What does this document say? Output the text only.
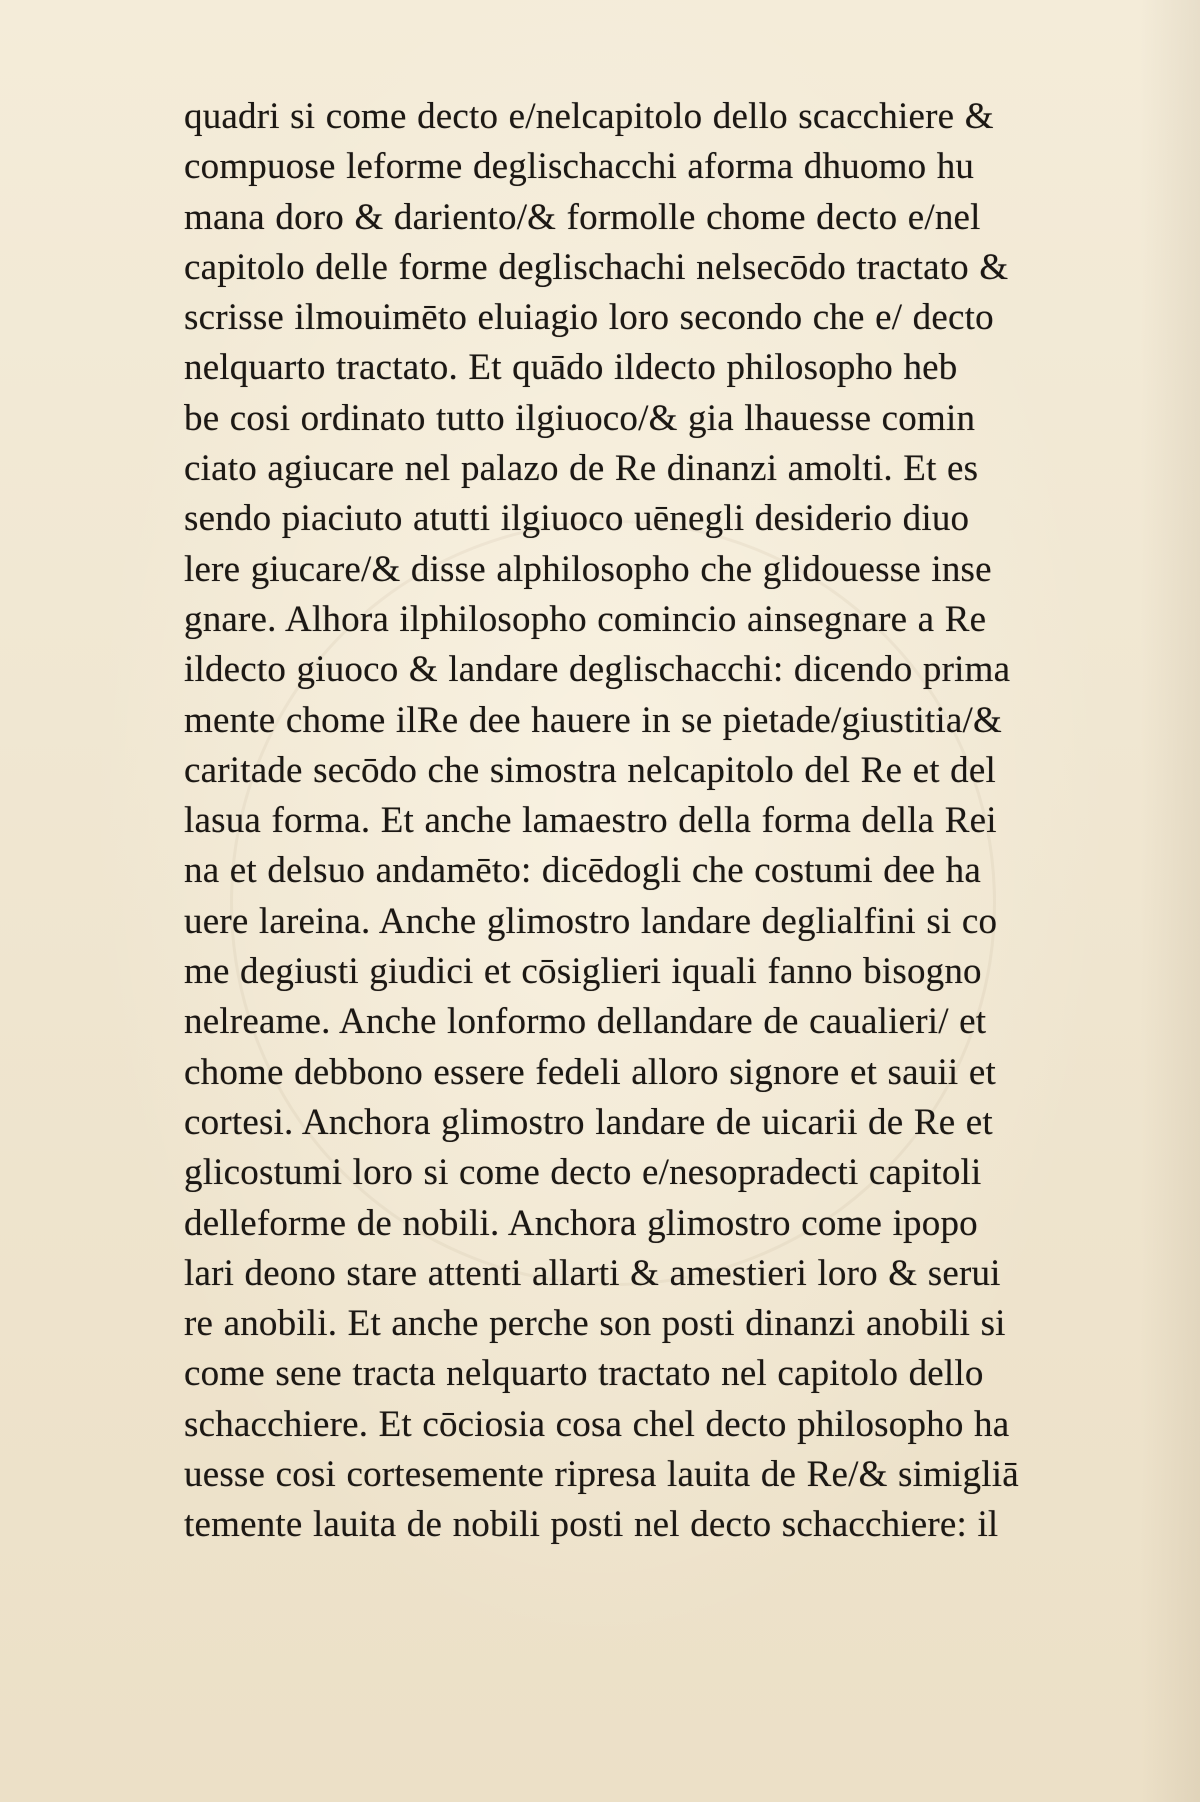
quadri si come decto e/nelcapitolo dello scacchiere &
compuose leforme deglischacchi aforma dhuomo hu
mana doro & dariento/& formolle chome decto e/nel
capitolo delle forme deglischachi nelsecōdo tractato &
scrisse ilmouimēto eluiagio loro secondo che e/ decto
nelquarto tractato. Et quādo ildecto philosopho heb
be cosi ordinato tutto ilgiuoco/& gia lhauesse comin
ciato agiucare nel palazo de Re dinanzi amolti. Et es
sendo piaciuto atutti ilgiuoco uēnegli desiderio diuo
lere giucare/& disse alphilosopho che glidouesse inse
gnare. Alhora ilphilosopho comincio ainsegnare a Re
ildecto giuoco & landare deglischacchi: dicendo prima
mente chome ilRe dee hauere in se pietade/giustitia/&
caritade secōdo che simostra nelcapitolo del Re et del
lasua forma. Et anche lamaestro della forma della Rei
na et delsuo andamēto: dicēdogli che costumi dee ha
uere lareina. Anche glimostro landare deglialfini si co
me degiusti giudici et cōsiglieri iquali fanno bisogno
nelreame. Anche lonformo dellandare de caualieri/ et
chome debbono essere fedeli alloro signore et sauii et
cortesi. Anchora glimostro landare de uicarii de Re et
glicostumi loro si come decto e/nesopradecti capitoli
delleforme de nobili. Anchora glimostro come ipopo
lari deono stare attenti allarti & amestieri loro & serui
re anobili. Et anche perche son posti dinanzi anobili si
come sene tracta nelquarto tractato nel capitolo dello
schacchiere. Et cōciosia cosa chel decto philosopho ha
uesse cosi cortesemente ripresa lauita de Re/& simigliā
temente lauita de nobili posti nel decto schacchiere: il
